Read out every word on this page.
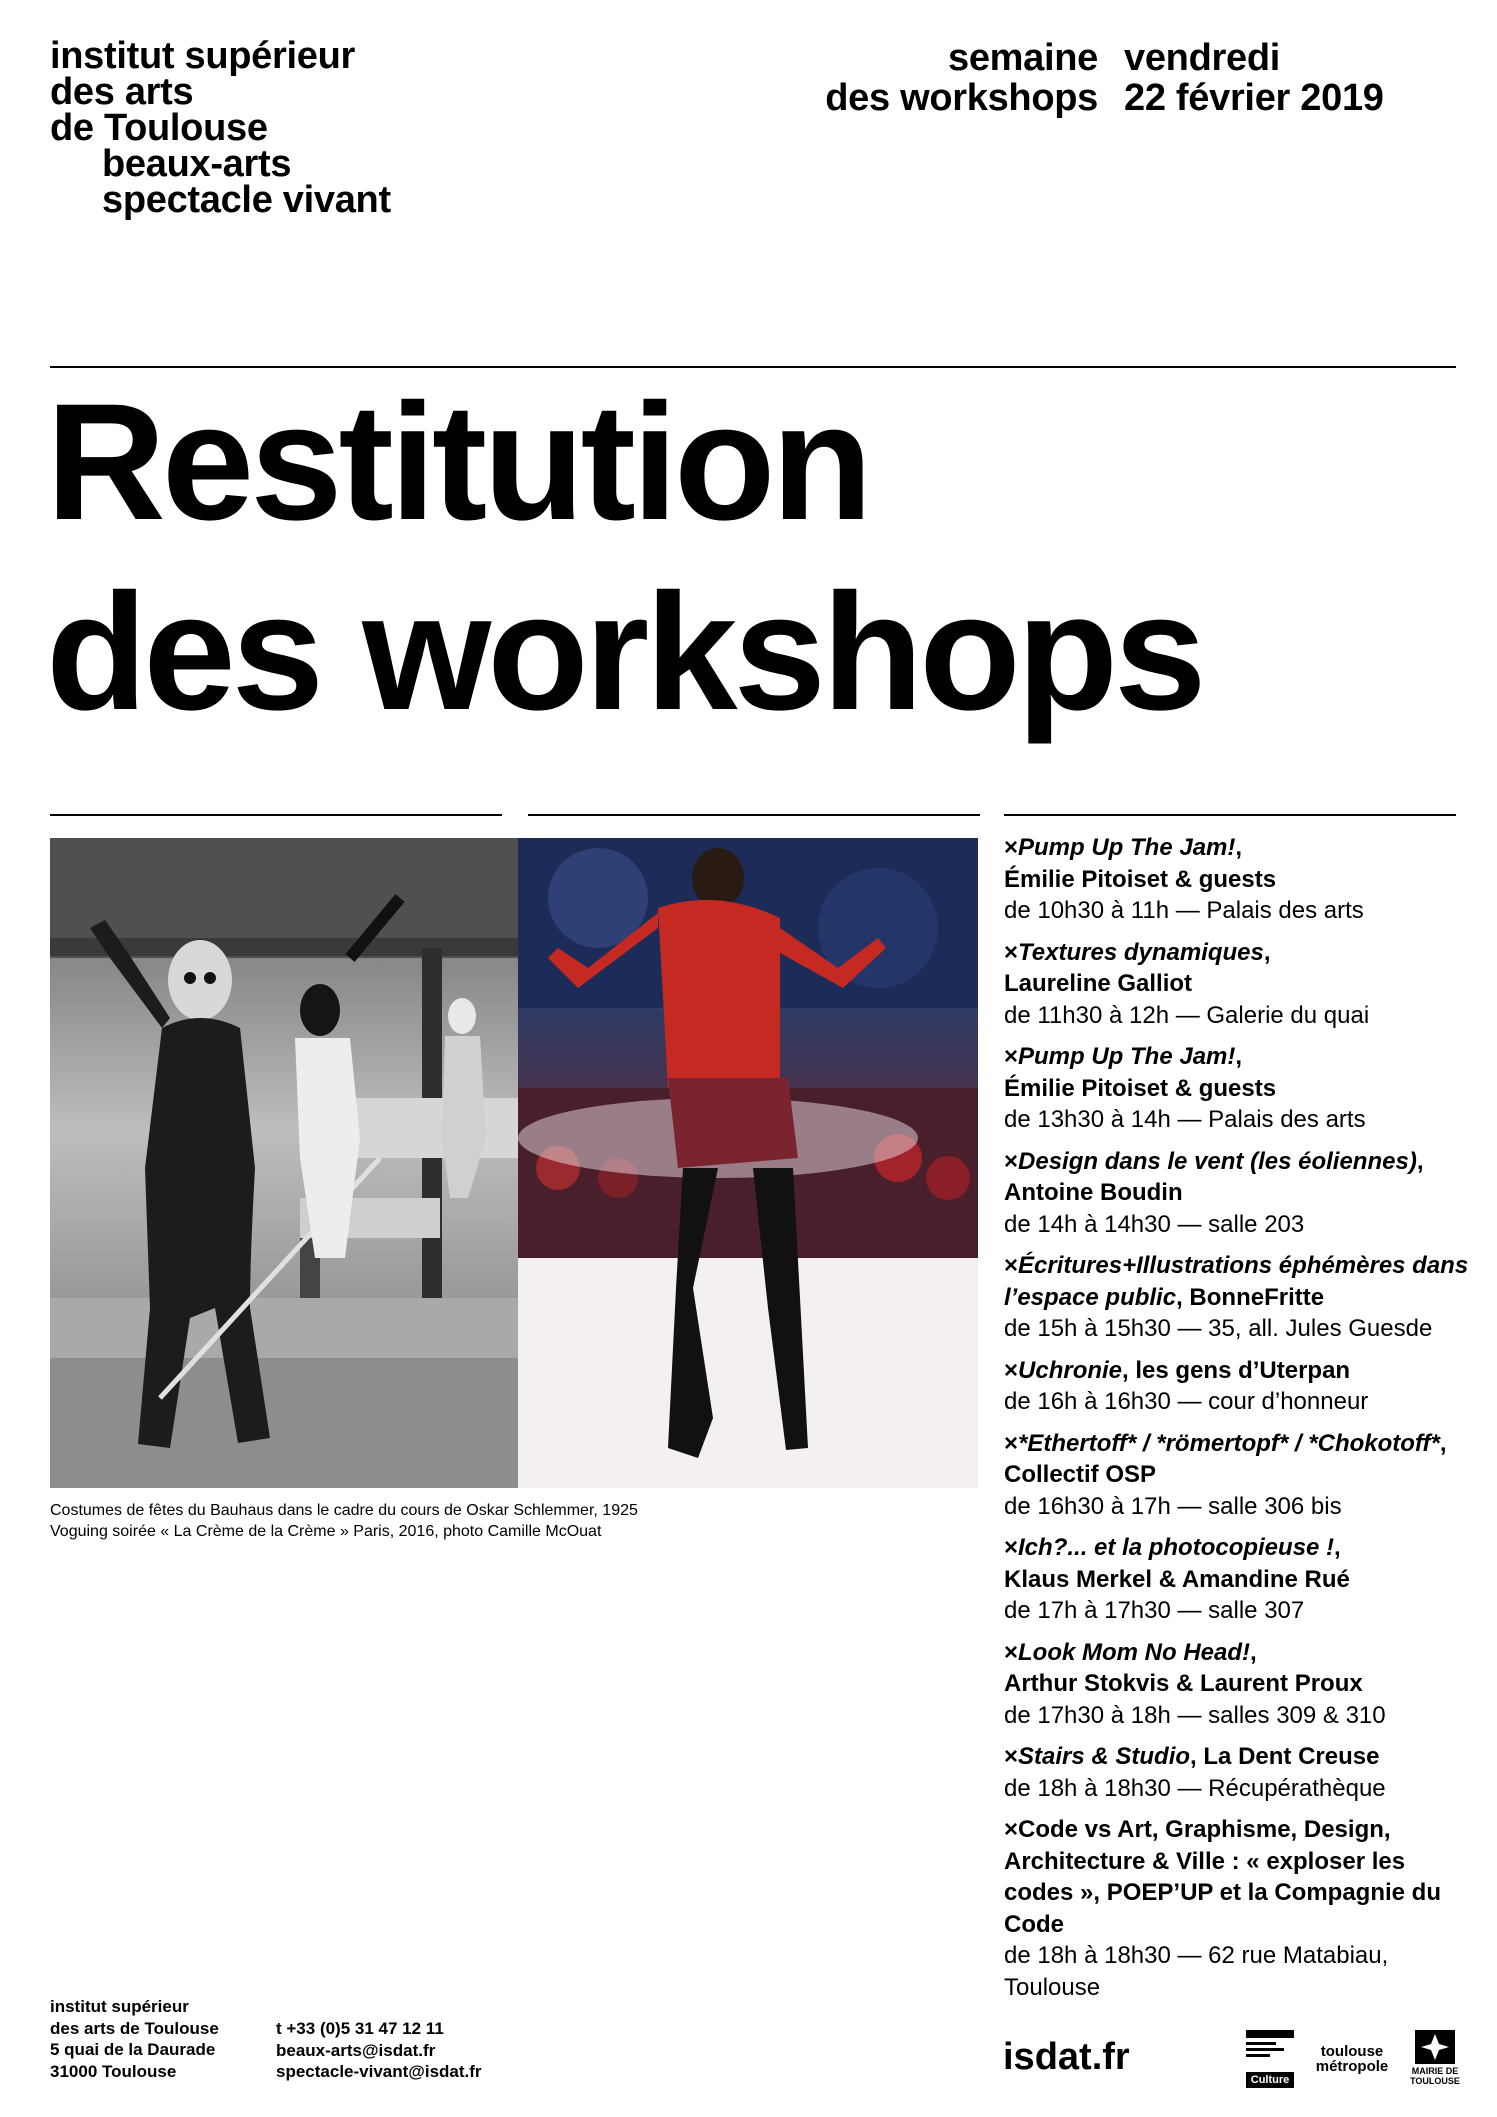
institut supérieur
des arts
de Toulouse
beaux-arts
spectacle vivant
semaine
des workshops
vendredi
22 février 2019
Restitution
des workshops
Costumes de fêtes du Bauhaus dans le cadre du cours de Oskar Schlemmer, 1925
Voguing soirée « La Crème de la Crème » Paris, 2016, photo Camille McOuat
×Pump Up The Jam!,
Émilie Pitoiset & guests
de 10h30 à 11h — Palais des arts
×Textures dynamiques,
Laureline Galliot
de 11h30 à 12h — Galerie du quai
×Pump Up The Jam!,
Émilie Pitoiset & guests
de 13h30 à 14h — Palais des arts
×Design dans le vent (les éoliennes),
Antoine Boudin
de 14h à 14h30 — salle 203
×Écritures+Illustrations éphémères dans l’espace public, BonneFritte
de 15h à 15h30 — 35, all. Jules Guesde
×Uchronie, les gens d’Uterpan
de 16h à 16h30 — cour d’honneur
×*Ethertoff* / *römertopf* / *Chokotoff*, Collectif OSP
de 16h30 à 17h — salle 306 bis
×Ich?... et la photocopieuse !,
Klaus Merkel & Amandine Rué
de 17h à 17h30 — salle 307
×Look Mom No Head!,
Arthur Stokvis & Laurent Proux
de 17h30 à 18h — salles 309 & 310
×Stairs & Studio, La Dent Creuse
de 18h à 18h30 — Récupérathèque
×Code vs Art, Graphisme, Design, Architecture & Ville : « exploser les codes », POEP’UP et la Compagnie du Code
de 18h à 18h30 — 62 rue Matabiau, Toulouse
institut supérieur
des arts de Toulouse
5 quai de la Daurade
31000 Toulouse
t +33 (0)5 31 47 12 11
beaux-arts@isdat.fr
spectacle-vivant@isdat.fr	isdat.fr
Culture
toulouse métropole	MAIRIE DE TOULOUSE
